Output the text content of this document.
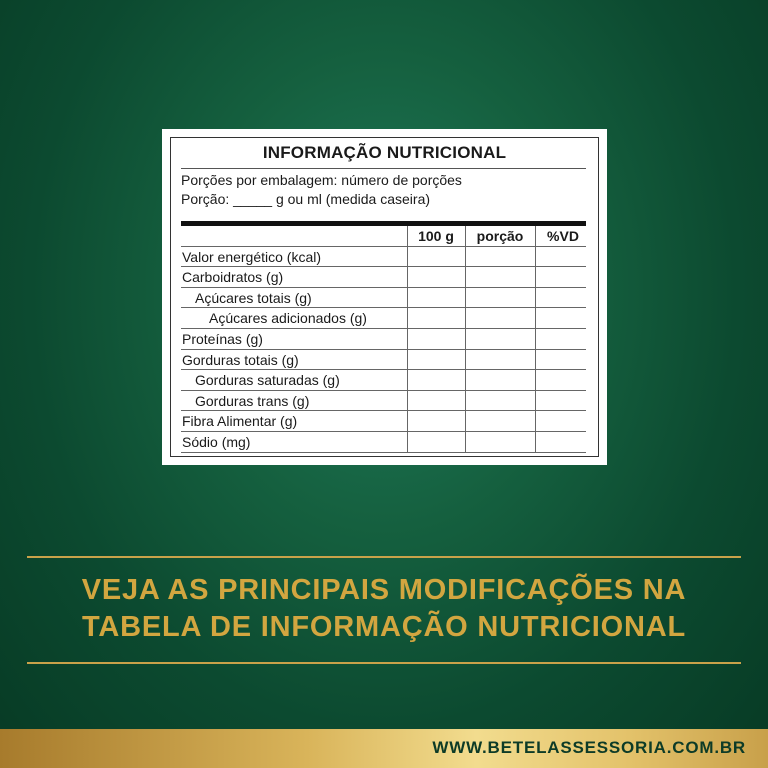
INFORMAÇÃO NUTRICIONAL
Porções por embalagem: número de porções
Porção: _____ g ou ml (medida caseira)
100 g	porção	%VD
Valor energético (kcal)
Carboidratos (g)
Açúcares totais (g)
Açúcares adicionados (g)
Proteínas (g)
Gorduras totais (g)
Gorduras saturadas (g)
Gorduras trans (g)
Fibra Alimentar (g)
Sódio (mg)
VEJA AS PRINCIPAIS MODIFICAÇÕES NA
TABELA DE INFORMAÇÃO NUTRICIONAL
WWW.BETELASSESSORIA.COM.BR
